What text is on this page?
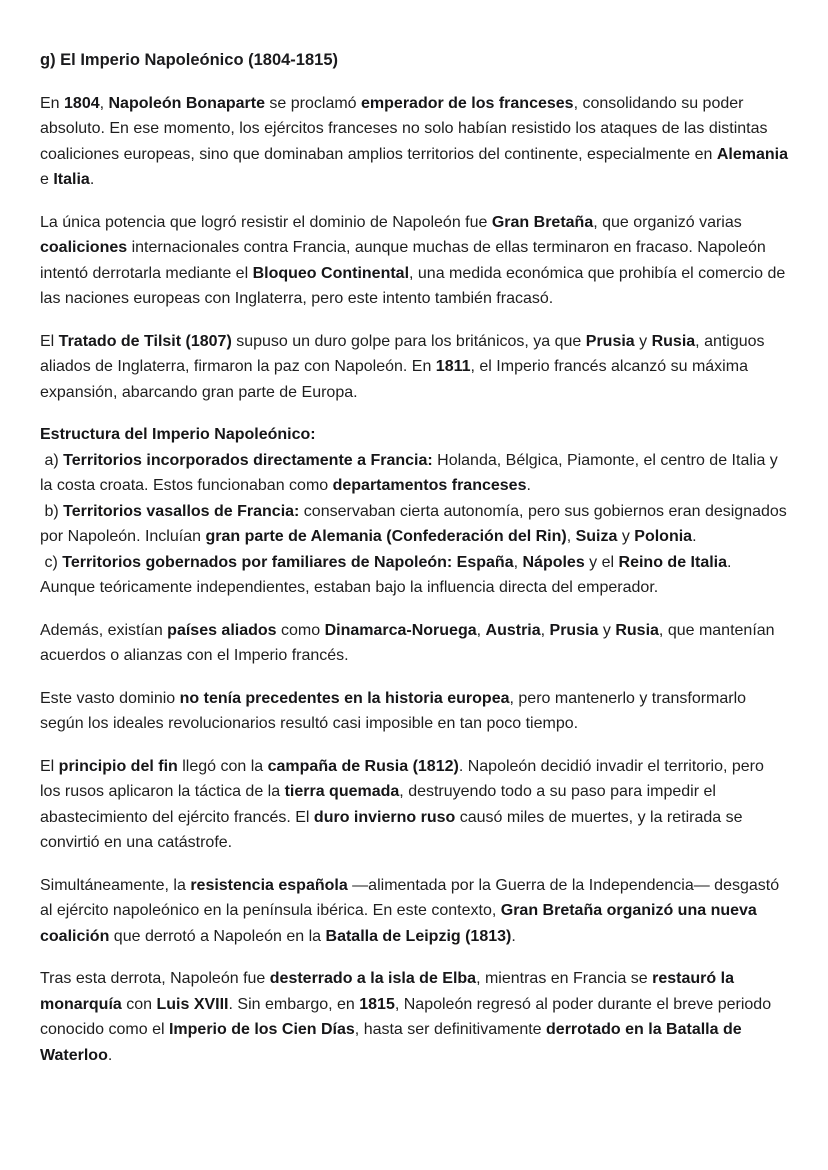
g) El Imperio Napoleónico (1804-1815)

En 1804, Napoleón Bonaparte se proclamó emperador de los franceses, consolidando su poder absoluto. En ese momento, los ejércitos franceses no solo habían resistido los ataques de las distintas coaliciones europeas, sino que dominaban amplios territorios del continente, especialmente en Alemania e Italia.

La única potencia que logró resistir el dominio de Napoleón fue Gran Bretaña, que organizó varias coaliciones internacionales contra Francia, aunque muchas de ellas terminaron en fracaso. Napoleón intentó derrotarla mediante el Bloqueo Continental, una medida económica que prohibía el comercio de las naciones europeas con Inglaterra, pero este intento también fracasó.

El Tratado de Tilsit (1807) supuso un duro golpe para los británicos, ya que Prusia y Rusia, antiguos aliados de Inglaterra, firmaron la paz con Napoleón. En 1811, el Imperio francés alcanzó su máxima expansión, abarcando gran parte de Europa.

Estructura del Imperio Napoleónico:
a) Territorios incorporados directamente a Francia: Holanda, Bélgica, Piamonte, el centro de Italia y la costa croata. Estos funcionaban como departamentos franceses.
b) Territorios vasallos de Francia: conservaban cierta autonomía, pero sus gobiernos eran designados por Napoleón. Incluían gran parte de Alemania (Confederación del Rin), Suiza y Polonia.
c) Territorios gobernados por familiares de Napoleón: España, Nápoles y el Reino de Italia. Aunque teóricamente independientes, estaban bajo la influencia directa del emperador.

Además, existían países aliados como Dinamarca-Noruega, Austria, Prusia y Rusia, que mantenían acuerdos o alianzas con el Imperio francés.

Este vasto dominio no tenía precedentes en la historia europea, pero mantenerlo y transformarlo según los ideales revolucionarios resultó casi imposible en tan poco tiempo.

El principio del fin llegó con la campaña de Rusia (1812). Napoleón decidió invadir el territorio, pero los rusos aplicaron la táctica de la tierra quemada, destruyendo todo a su paso para impedir el abastecimiento del ejército francés. El duro invierno ruso causó miles de muertes, y la retirada se convirtió en una catástrofe.

Simultáneamente, la resistencia española —alimentada por la Guerra de la Independencia— desgastó al ejército napoleónico en la península ibérica. En este contexto, Gran Bretaña organizó una nueva coalición que derrotó a Napoleón en la Batalla de Leipzig (1813).

Tras esta derrota, Napoleón fue desterrado a la isla de Elba, mientras en Francia se restauró la monarquía con Luis XVIII. Sin embargo, en 1815, Napoleón regresó al poder durante el breve periodo conocido como el Imperio de los Cien Días, hasta ser definitivamente derrotado en la Batalla de Waterloo.
